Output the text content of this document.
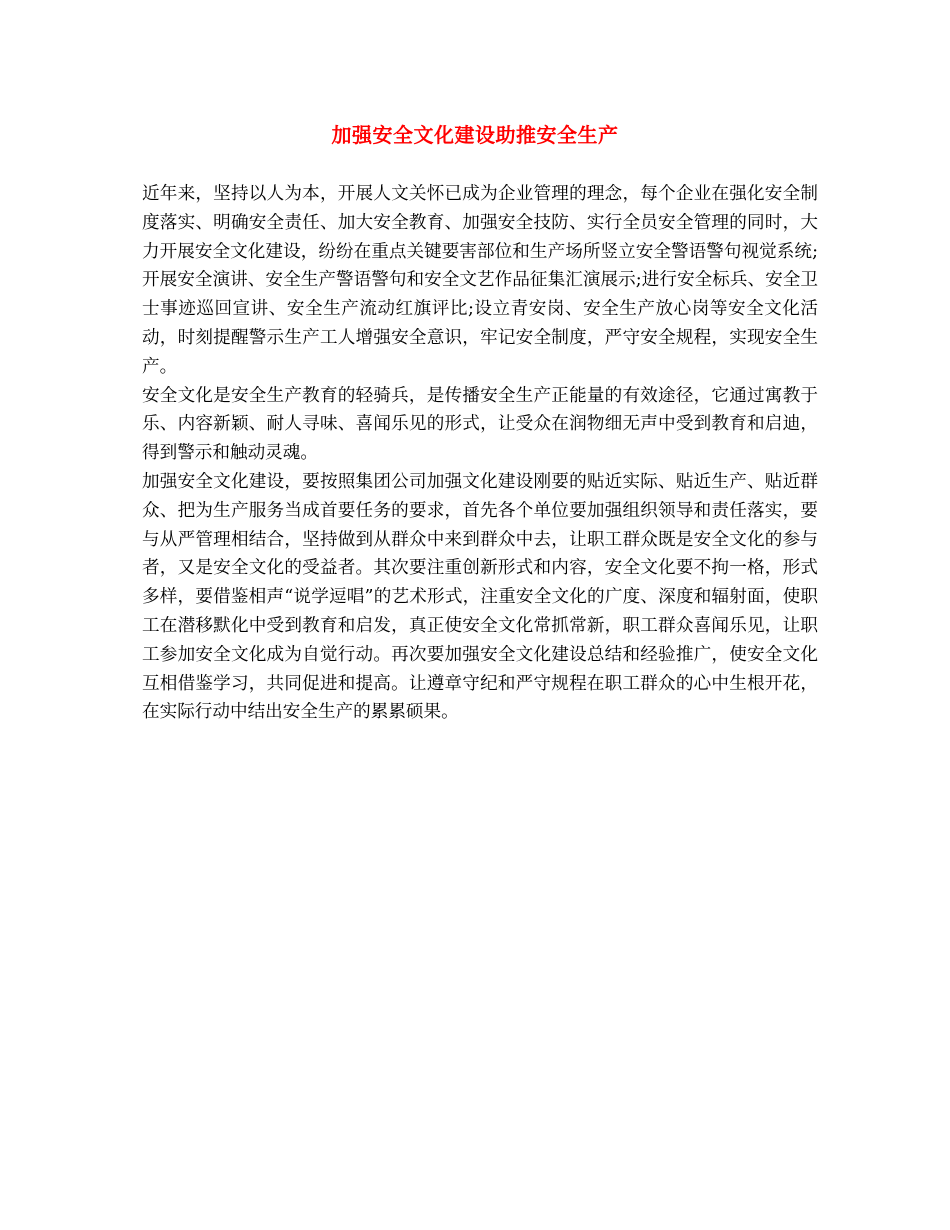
加强安全文化建设助推安全生产

近年来，坚持以人为本，开展人文关怀已成为企业管理的理念，每个企业在强化安全制度落实、明确安全责任、加大安全教育、加强安全技防、实行全员安全管理的同时，大力开展安全文化建设，纷纷在重点关键要害部位和生产场所竖立安全警语警句视觉系统;开展安全演讲、安全生产警语警句和安全文艺作品征集汇演展示;进行安全标兵、安全卫士事迹巡回宣讲、安全生产流动红旗评比;设立青安岗、安全生产放心岗等安全文化活动，时刻提醒警示生产工人增强安全意识，牢记安全制度，严守安全规程，实现安全生产。

安全文化是安全生产教育的轻骑兵，是传播安全生产正能量的有效途径，它通过寓教于乐、内容新颖、耐人寻味、喜闻乐见的形式，让受众在润物细无声中受到教育和启迪，得到警示和触动灵魂。

加强安全文化建设，要按照集团公司加强文化建设刚要的贴近实际、贴近生产、贴近群众、把为生产服务当成首要任务的要求，首先各个单位要加强组织领导和责任落实，要与从严管理相结合，坚持做到从群众中来到群众中去，让职工群众既是安全文化的参与者，又是安全文化的受益者。其次要注重创新形式和内容，安全文化要不拘一格，形式多样，要借鉴相声“说学逗唱”的艺术形式，注重安全文化的广度、深度和辐射面，使职工在潜移默化中受到教育和启发，真正使安全文化常抓常新，职工群众喜闻乐见，让职工参加安全文化成为自觉行动。再次要加强安全文化建设总结和经验推广，使安全文化互相借鉴学习，共同促进和提高。让遵章守纪和严守规程在职工群众的心中生根开花，在实际行动中结出安全生产的累累硕果。
